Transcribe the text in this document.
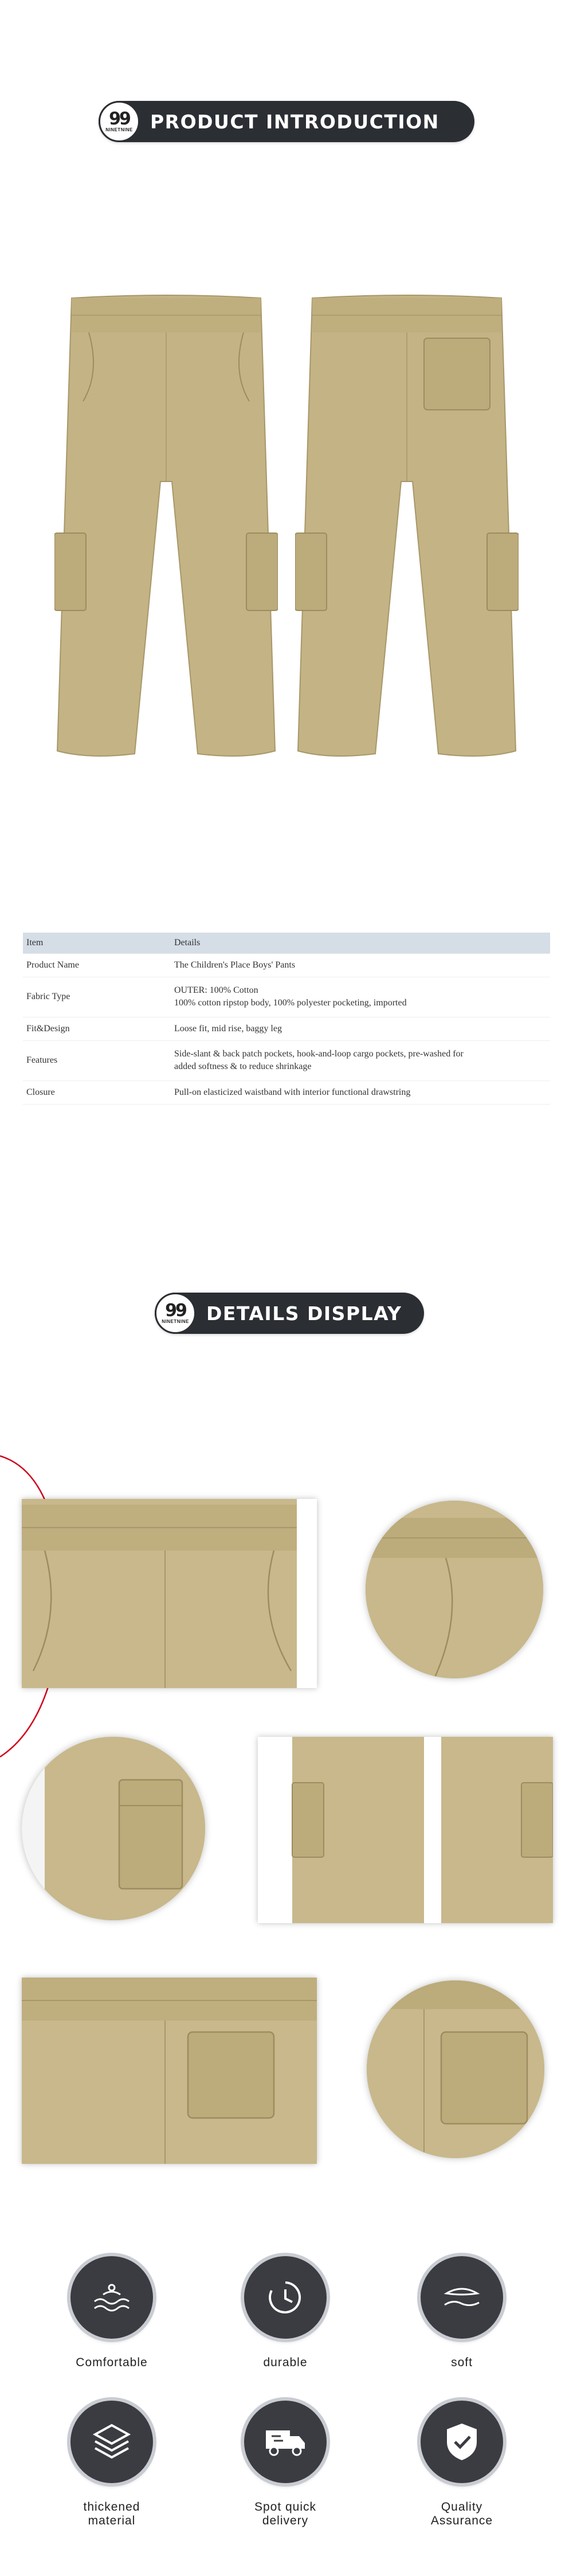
99
NINETNINE PRODUCT INTRODUCTION
Item	Details
Product Name	The Children's Place Boys' Pants
Fabric Type	OUTER: 100% Cotton
100% cotton ripstop body, 100% polyester pocketing, imported

Fit&Design	Loose fit, mid rise, baggy leg
Features	Side-slant & back patch pockets, hook-and-loop cargo pockets, pre-washed for
added softness & to reduce shrinkage

Closure	Pull-on elasticized waistband with interior functional drawstring
99
NINETNINE DETAILS DISPLAY
Comfortable	durable	soft
thickened material
Spot quick delivery
Quality Assurance
